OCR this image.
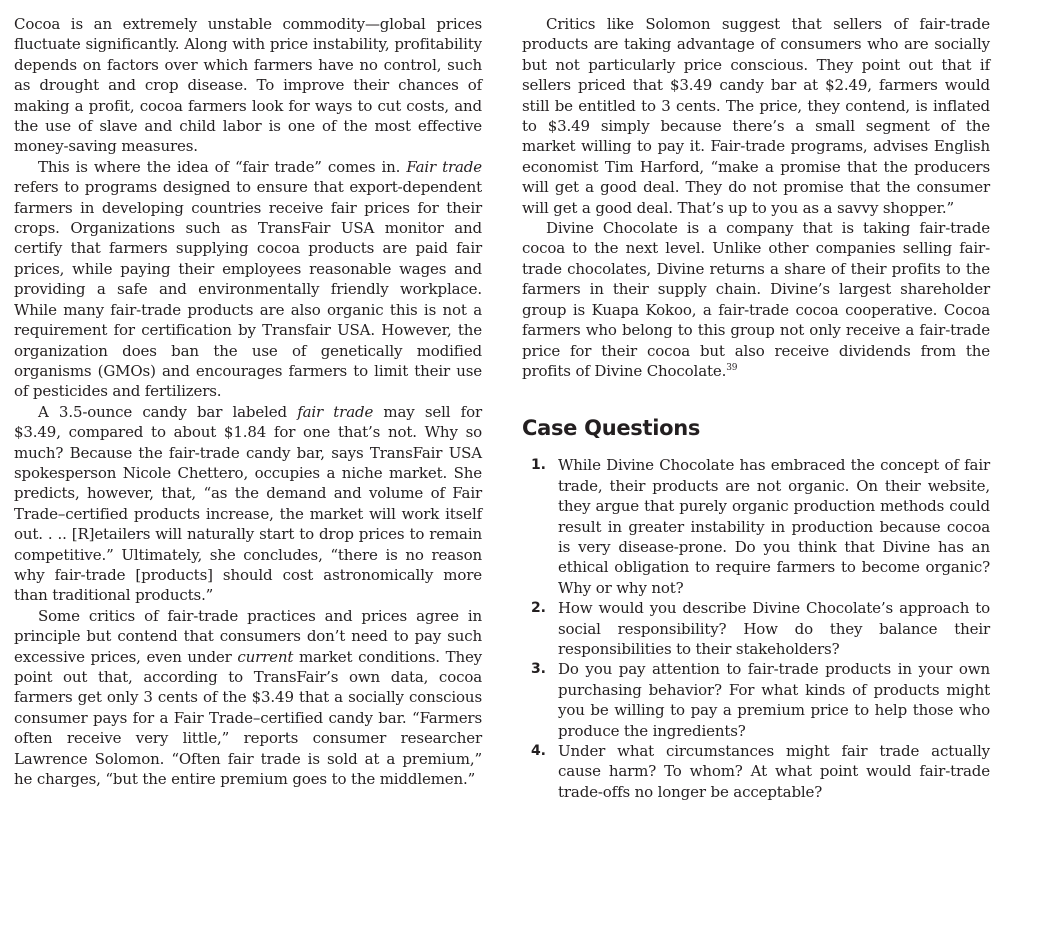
Cocoa is an extremely unstable commodity—global prices fluctuate significantly. Along with price instability, profitability depends on factors over which farmers have no control, such as drought and crop disease. To improve their chances of making a profit, cocoa farmers look for ways to cut costs, and the use of slave and child labor is one of the most effective money-saving measures.

This is where the idea of “fair trade” comes in. Fair trade refers to programs designed to ensure that export-dependent farmers in developing countries receive fair prices for their crops. Organizations such as TransFair USA monitor and certify that farmers supplying cocoa products are paid fair prices, while paying their employees reasonable wages and providing a safe and environmentally friendly workplace. While many fair-trade products are also organic this is not a requirement for certification by Transfair USA. However, the organization does ban the use of genetically modified organisms (GMOs) and encourages farmers to limit their use of pesticides and fertilizers.

A 3.5-ounce candy bar labeled fair trade may sell for $3.49, compared to about $1.84 for one that’s not. Why so much? Because the fair-trade candy bar, says TransFair USA spokesperson Nicole Chettero, occupies a niche market. She predicts, however, that, “as the demand and volume of Fair Trade–certified products increase, the market will work itself out. . .. [R]etailers will naturally start to drop prices to remain competitive.” Ultimately, she concludes, “there is no reason why fair-trade [products] should cost astronomically more than traditional products.”

Some critics of fair-trade practices and prices agree in principle but contend that consumers don’t need to pay such excessive prices, even under current market conditions. They point out that, according to TransFair’s own data, cocoa farmers get only 3 cents of the $3.49 that a socially conscious consumer pays for a Fair Trade–certified candy bar. “Farmers often receive very little,” reports consumer researcher Lawrence Solomon. “Often fair trade is sold at a premium,” he charges, “but the entire premium goes to the middlemen.”

Critics like Solomon suggest that sellers of fair-trade products are taking advantage of consumers who are socially but not particularly price conscious. They point out that if sellers priced that $3.49 candy bar at $2.49, farmers would still be entitled to 3 cents. The price, they contend, is inflated to $3.49 simply because there’s a small segment of the market willing to pay it. Fair-trade programs, advises English economist Tim Harford, “make a promise that the producers will get a good deal. They do not promise that the consumer will get a good deal. That’s up to you as a savvy shopper.”

Divine Chocolate is a company that is taking fair-trade cocoa to the next level. Unlike other companies selling fair-trade chocolates, Divine returns a share of their profits to the farmers in their supply chain. Divine’s largest shareholder group is Kuapa Kokoo, a fair-trade cocoa cooperative. Cocoa farmers who belong to this group not only receive a fair-trade price for their cocoa but also receive dividends from the profits of Divine Chocolate.$^{39}$

Case Questions
1. While Divine Chocolate has embraced the concept of fair trade, their products are not organic. On their website, they argue that purely organic production methods could result in greater instability in production because cocoa is very disease-prone. Do you think that Divine has an ethical obligation to require farmers to become organic? Why or why not?
2. How would you describe Divine Chocolate’s approach to social responsibility? How do they balance their responsibilities to their stakeholders?
3. Do you pay attention to fair-trade products in your own purchasing behavior? For what kinds of products might you be willing to pay a premium price to help those who produce the ingredients?
4. Under what circumstances might fair trade actually cause harm? To whom? At what point would fair-trade trade-offs no longer be acceptable?
